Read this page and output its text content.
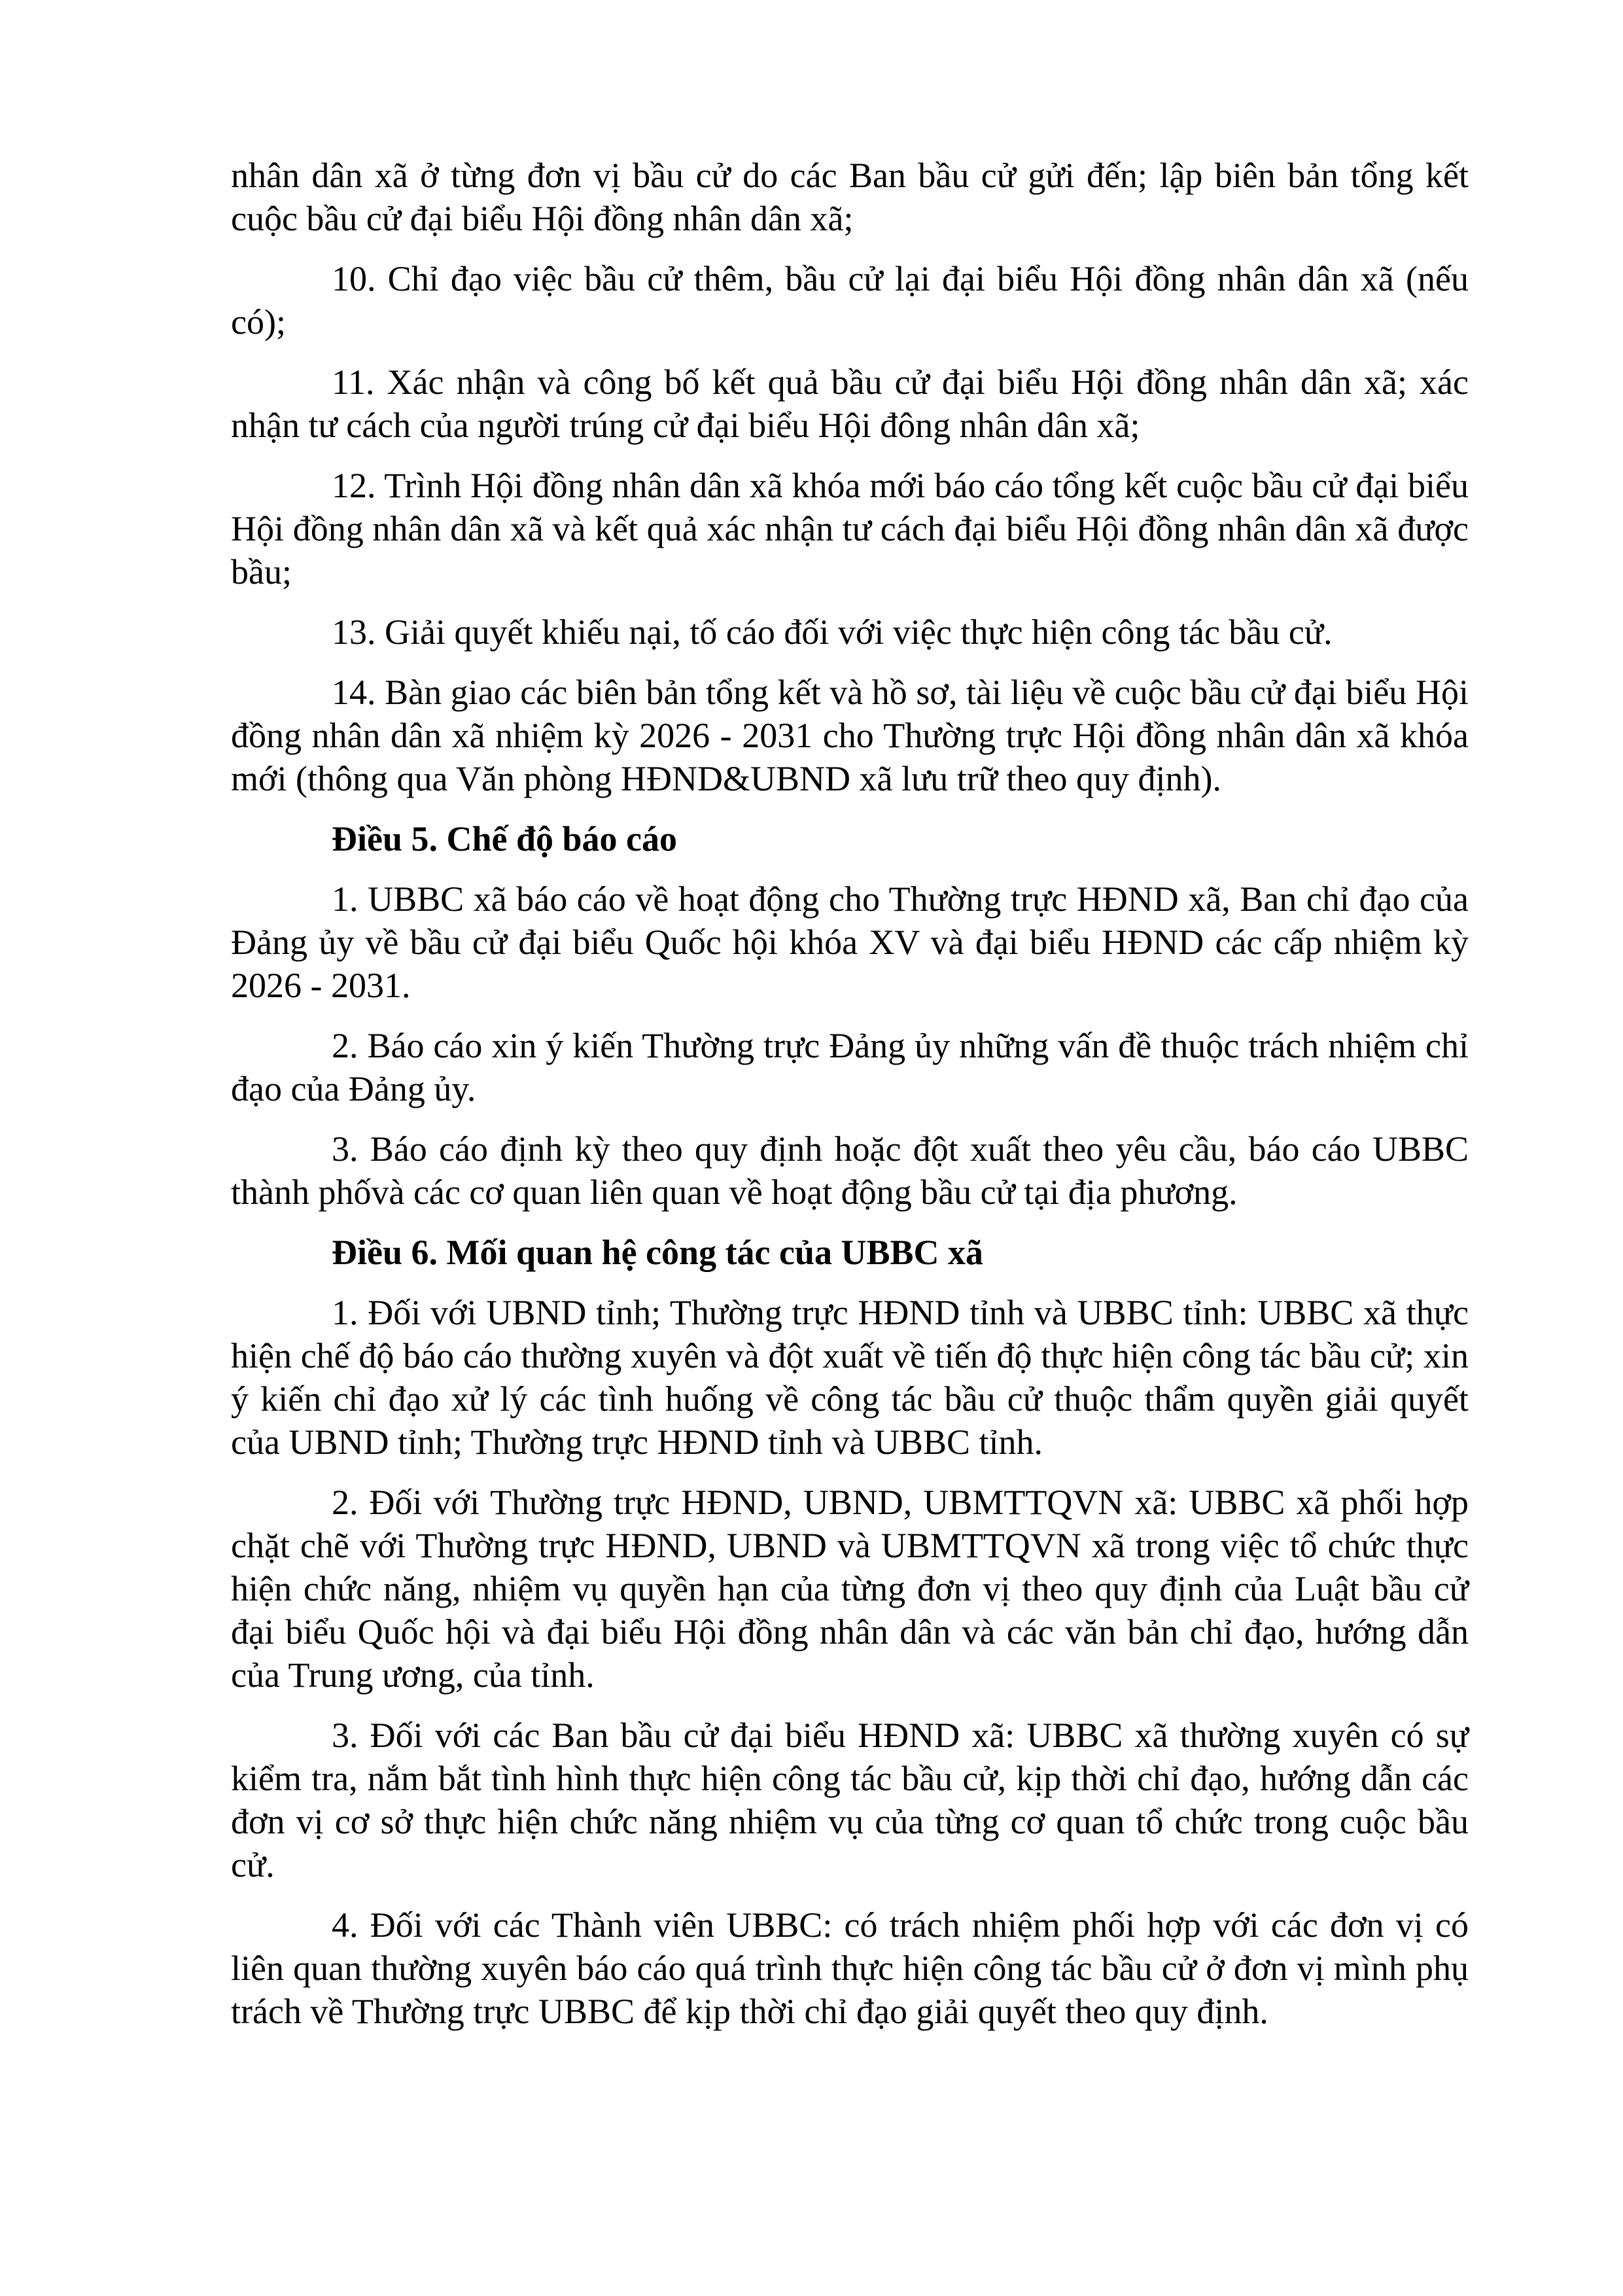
nhân dân xã ở từng đơn vị bầu cử do các Ban bầu cử gửi đến; lập biên bản tổng kết cuộc bầu cử đại biểu Hội đồng nhân dân xã;

10. Chỉ đạo việc bầu cử thêm, bầu cử lại đại biểu Hội đồng nhân dân xã (nếu có);

11. Xác nhận và công bố kết quả bầu cử đại biểu Hội đồng nhân dân xã; xác nhận tư cách của người trúng cử đại biểu Hội đông nhân dân xã;

12. Trình Hội đồng nhân dân xã khóa mới báo cáo tổng kết cuộc bầu cử đại biểu Hội đồng nhân dân xã và kết quả xác nhận tư cách đại biểu Hội đồng nhân dân xã được bầu;

13. Giải quyết khiếu nại, tố cáo đối với việc thực hiện công tác bầu cử.

14. Bàn giao các biên bản tổng kết và hồ sơ, tài liệu về cuộc bầu cử đại biểu Hội đồng nhân dân xã nhiệm kỳ 2026 - 2031 cho Thường trực Hội đồng nhân dân xã khóa mới (thông qua Văn phòng HĐND&UBND xã lưu trữ theo quy định).

Điều 5. Chế độ báo cáo

1. UBBC xã báo cáo về hoạt động cho Thường trực HĐND xã, Ban chỉ đạo của Đảng ủy về bầu cử đại biểu Quốc hội khóa XV và đại biểu HĐND các cấp nhiệm kỳ 2026 - 2031.

2. Báo cáo xin ý kiến Thường trực Đảng ủy những vấn đề thuộc trách nhiệm chỉ đạo của Đảng ủy.

3. Báo cáo định kỳ theo quy định hoặc đột xuất theo yêu cầu, báo cáo UBBC thành phốvà các cơ quan liên quan về hoạt động bầu cử tại địa phương.

Điều 6. Mối quan hệ công tác của UBBC xã

1. Đối với UBND tỉnh; Thường trực HĐND tỉnh và UBBC tỉnh: UBBC xã thực hiện chế độ báo cáo thường xuyên và đột xuất về tiến độ thực hiện công tác bầu cử; xin ý kiến chỉ đạo xử lý các tình huống về công tác bầu cử thuộc thẩm quyền giải quyết của UBND tỉnh; Thường trực HĐND tỉnh và UBBC tỉnh.

2. Đối với Thường trực HĐND, UBND, UBMTTQVN xã: UBBC xã phối hợp chặt chẽ với Thường trực HĐND, UBND và UBMTTQVN xã trong việc tổ chức thực hiện chức năng, nhiệm vụ quyền hạn của từng đơn vị theo quy định của Luật bầu cử đại biểu Quốc hội và đại biểu Hội đồng nhân dân và các văn bản chỉ đạo, hướng dẫn của Trung ương, của tỉnh.

3. Đối với các Ban bầu cử đại biểu HĐND xã: UBBC xã thường xuyên có sự kiểm tra, nắm bắt tình hình thực hiện công tác bầu cử, kịp thời chỉ đạo, hướng dẫn các đơn vị cơ sở thực hiện chức năng nhiệm vụ của từng cơ quan tổ chức trong cuộc bầu cử.

4. Đối với các Thành viên UBBC: có trách nhiệm phối hợp với các đơn vị có liên quan thường xuyên báo cáo quá trình thực hiện công tác bầu cử ở đơn vị mình phụ trách về Thường trực UBBC để kịp thời chỉ đạo giải quyết theo quy định.
